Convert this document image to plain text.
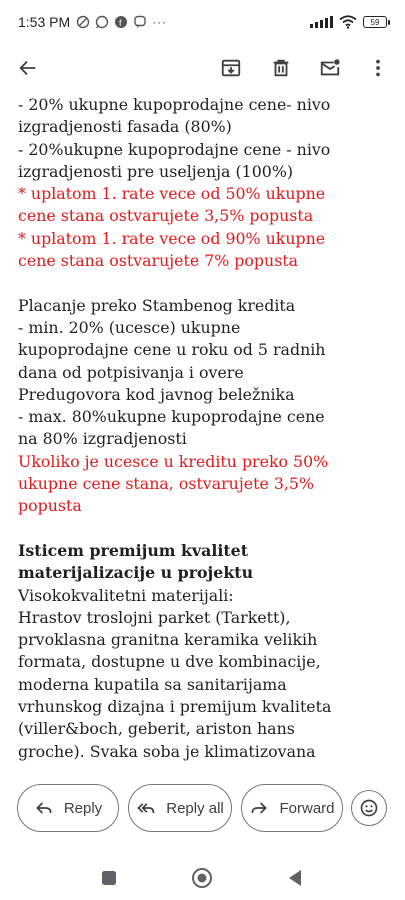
1:53 PM	f	···	59
- 20% ukupne kupoprodajne cene- nivo
izgradjenosti fasada (80%)
- 20%ukupne kupoprodajne cene - nivo
izgradjenosti pre useljenja (100%)
* uplatom 1. rate vece od 50% ukupne
cene stana ostvarujete 3,5% popusta
* uplatom 1. rate vece od 90% ukupne
cene stana ostvarujete 7% popusta
Placanje preko Stambenog kredita
- min. 20% (ucesce) ukupne
kupoprodajne cene u roku od 5 radnih
dana od potpisivanja i overe
Predugovora kod javnog beležnika
- max. 80%ukupne kupoprodajne cene
na 80% izgradjenosti
Ukoliko je ucesce u kreditu preko 50%
ukupne cene stana, ostvarujete 3,5%
popusta
Isticem premijum kvalitet
materijalizacije u projektu
Visokokvalitetni materijali:
Hrastov troslojni parket (Tarkett),
prvoklasna granitna keramika velikih
formata, dostupne u dve kombinacije,
moderna kupatila sa sanitarijama
vrhunskog dizajna i premijum kvaliteta
(viller&boch, geberit, ariston hans
groche). Svaka soba je klimatizovana
Reply	Reply all	Forward
